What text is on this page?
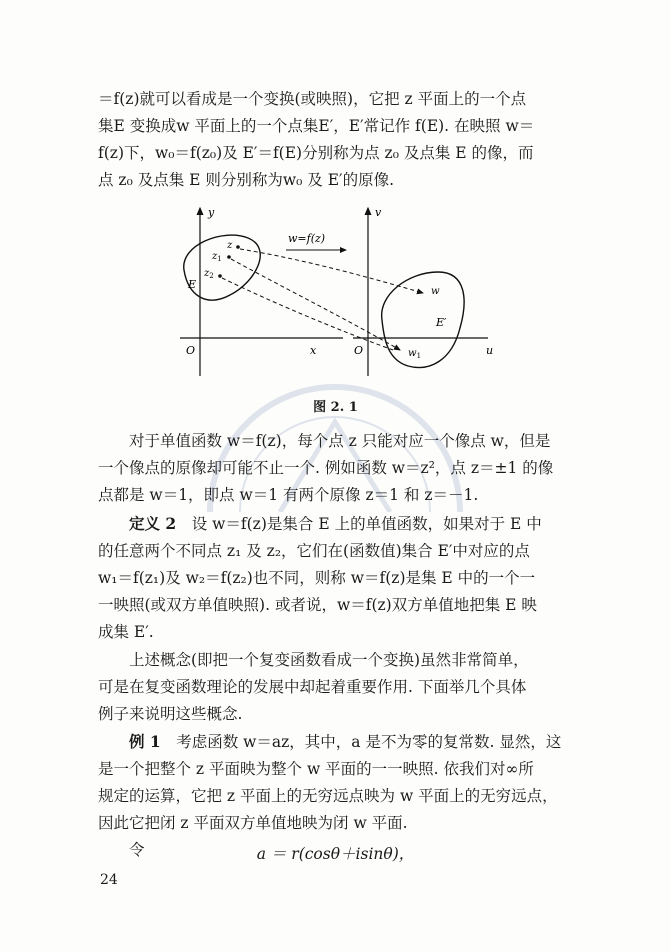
＝f(z)就可以看成是一个变换(或映照)，它把 z 平面上的一个点
集E 变换成w 平面上的一个点集E′，E′常记作 f(E). 在映照 w＝
f(z)下，w₀＝f(z₀)及 E′＝f(E)分别称为点 z₀ 及点集 E 的像，而
点 z₀ 及点集 E 则分别称为w₀ 及 E′的原像.

y
x
O
E
z
$z_1$
$z_2$
w=f(z)
v
u
O
E′
w
$w_1$
图 2. 1

对于单值函数 w＝f(z)，每个点 z 只能对应一个像点 w，但是
一个像点的原像却可能不止一个. 例如函数 w＝z²，点 z＝±1 的像
点都是 w＝1，即点 w＝1 有两个原像 z＝1 和 z＝－1.

定义 2　 设 w＝f(z)是集合 E 上的单值函数，如果对于 E 中
的任意两个不同点 z₁ 及 z₂，它们在(函数值)集合 E′中对应的点
w₁＝f(z₁)及 w₂＝f(z₂)也不同，则称 w＝f(z)是集 E 中的一个一
一映照(或双方单值映照). 或者说，w＝f(z)双方单值地把集 E 映
成集 E′.

上述概念(即把一个复变函数看成一个变换)虽然非常简单，
可是在复变函数理论的发展中却起着重要作用. 下面举几个具体
例子来说明这些概念.

例 1　 考虑函数 w＝az，其中，a 是不为零的复常数. 显然，这
是一个把整个 z 平面映为整个 w 平面的一一映照. 依我们对∞所
规定的运算，它把 z 平面上的无穷远点映为 w 平面上的无穷远点，
因此它把闭 z 平面双方单值地映为闭 w 平面.
令	a ＝ r(cosθ＋isinθ)，
24
